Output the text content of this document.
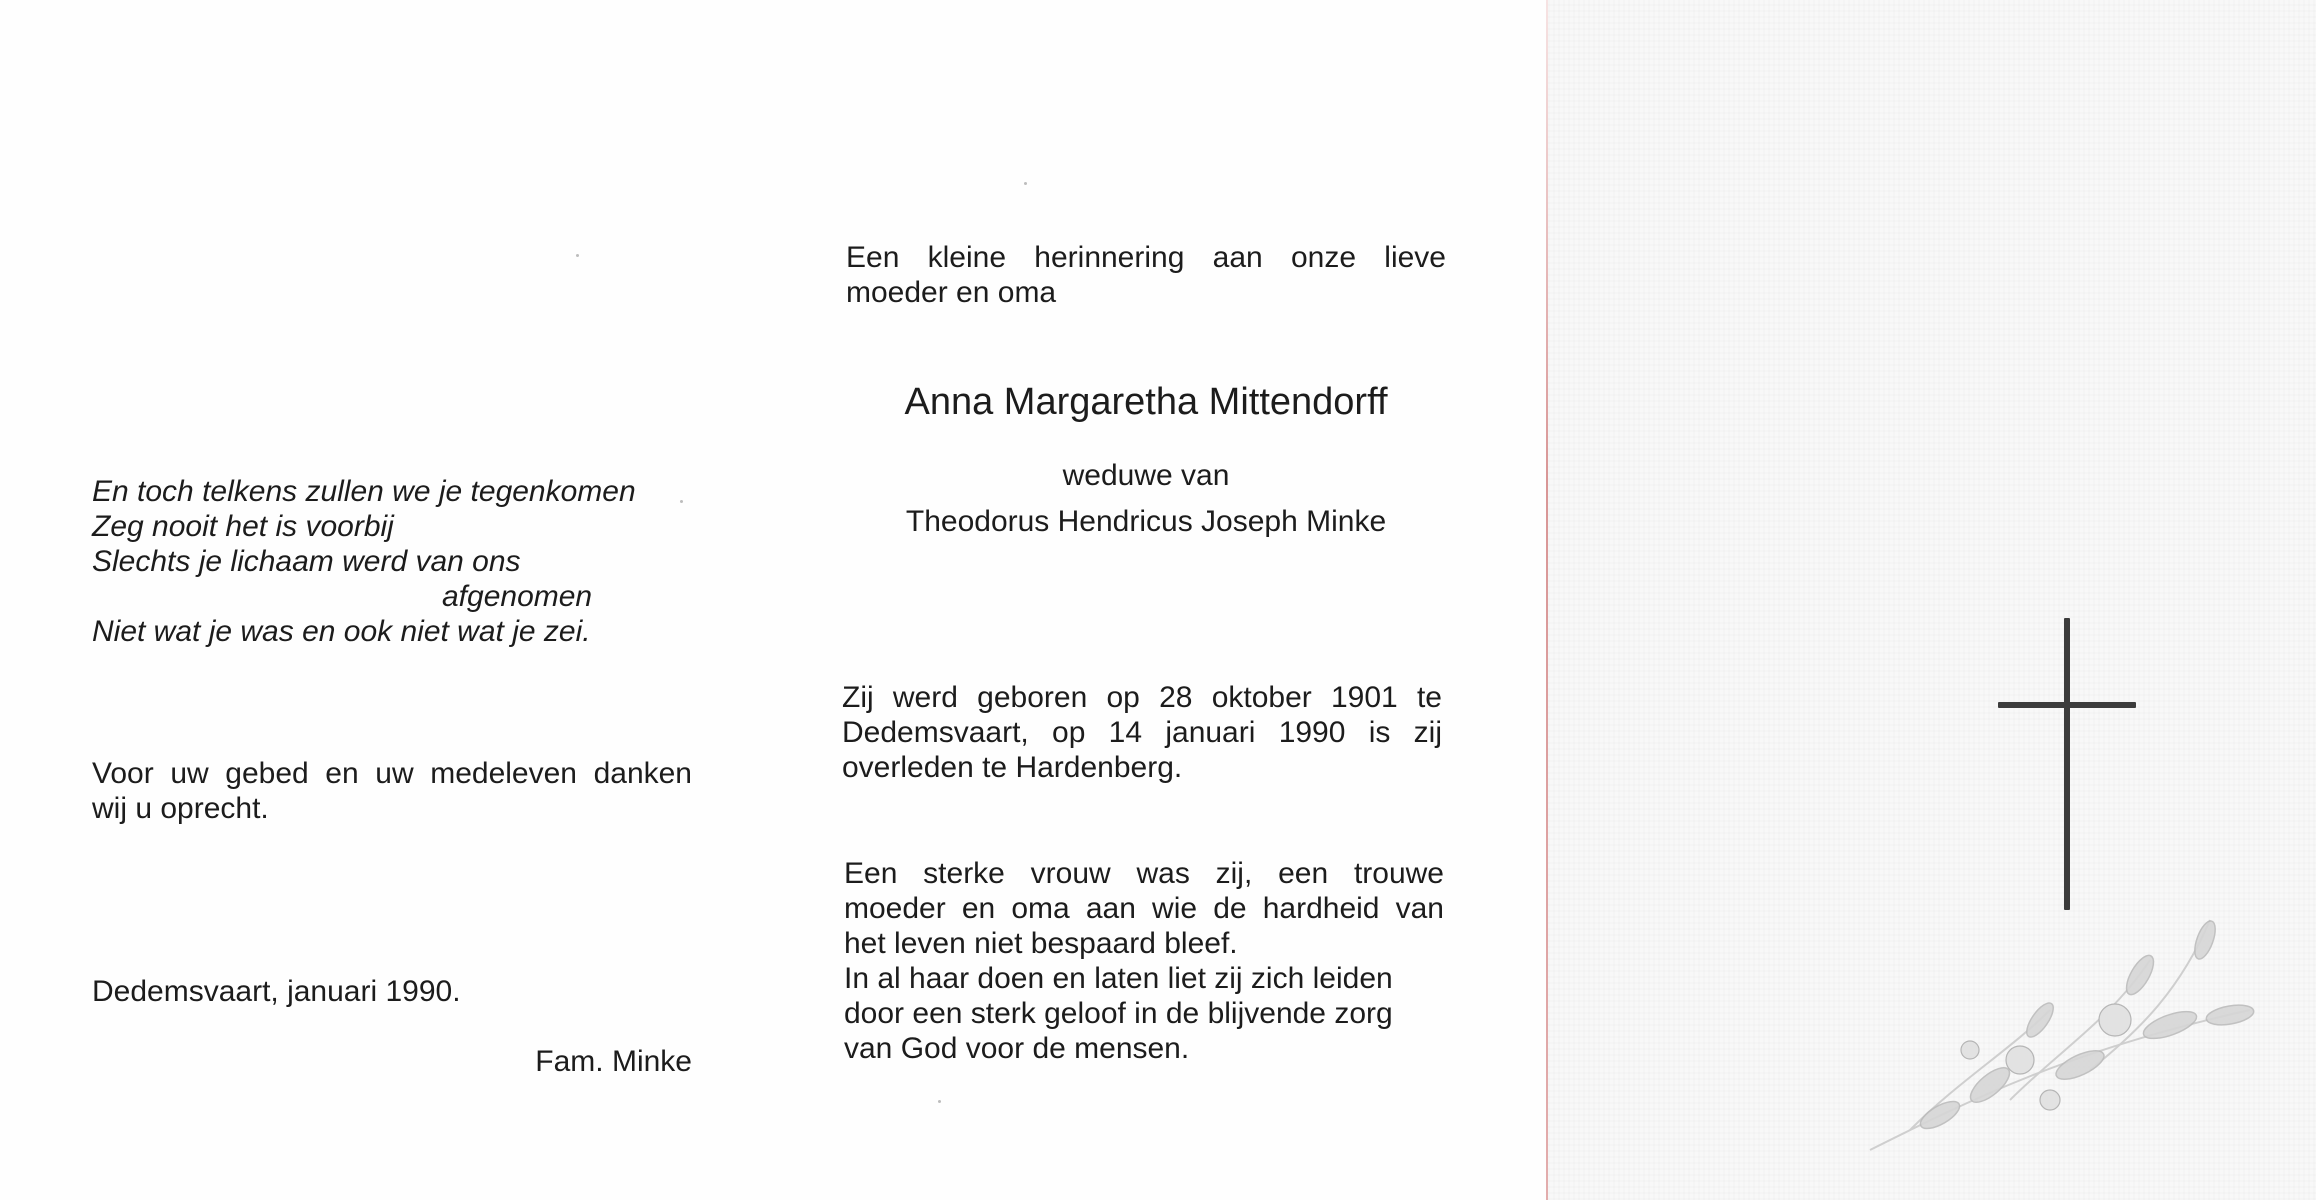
En toch telkens zullen we je tegenkomen
Zeg nooit het is voorbij
Slechts je lichaam werd van ons
afgenomen
Niet wat je was en ook niet wat je zei.

Voor uw gebed en uw medeleven danken
wij u oprecht.

Dedemsvaart, januari 1990.

Fam. Minke

Een kleine herinnering aan onze lieve
moeder en oma

Anna Margaretha Mittendorff

weduwe van

Theodorus Hendricus Joseph Minke

Zij werd geboren op 28 oktober 1901 te
Dedemsvaart, op 14 januari 1990 is zij
overleden te Hardenberg.

Een sterke vrouw was zij, een trouwe
moeder en oma aan wie de hardheid van
het leven niet bespaard bleef.
In al haar doen en laten liet zij zich leiden
door een sterk geloof in de blijvende zorg
van God voor de mensen.
